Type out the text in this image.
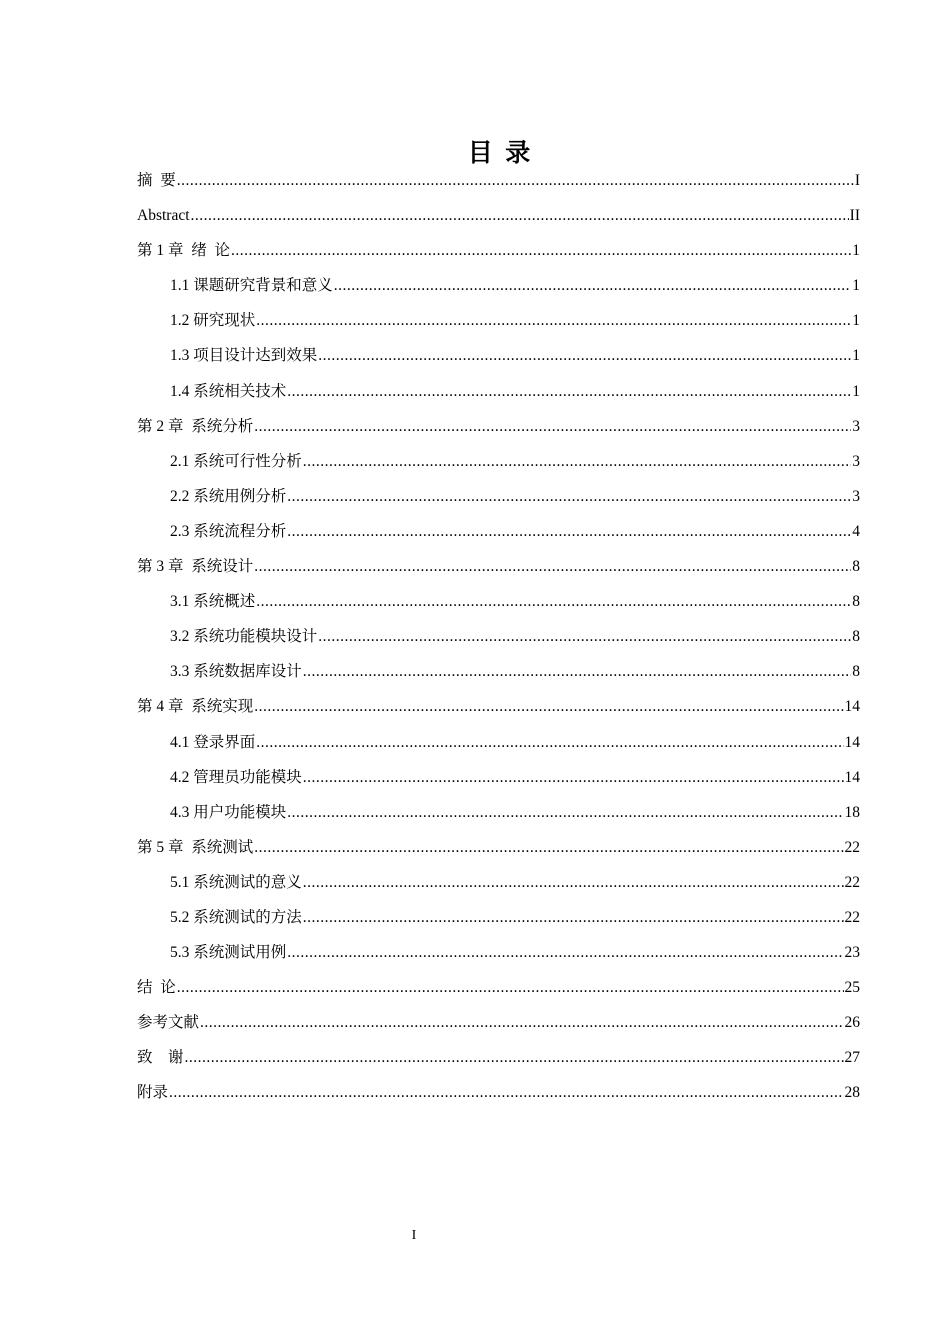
目  录
摘  要 .....	I
Abstract .....	II
第 1 章  绪  论 .....	1
1.1 课题研究背景和意义 .....	1
1.2 研究现状 .....	1
1.3 项目设计达到效果 .....	1
1.4 系统相关技术 .....	1
第 2 章  系统分析 .....	3
2.1 系统可行性分析 .....	3
2.2 系统用例分析 .....	3
2.3 系统流程分析 .....	4
第 3 章  系统设计 .....	8
3.1 系统概述 .....	8
3.2 系统功能模块设计 .....	8
3.3 系统数据库设计 .....	8
第 4 章  系统实现 .....	14
4.1 登录界面 .....	14
4.2 管理员功能模块 .....	14
4.3 用户功能模块 .....	18
第 5 章  系统测试 .....	22
5.1 系统测试的意义 .....	22
5.2 系统测试的方法 .....	22
5.3 系统测试用例 .....	23
结  论 .....	25
参考文献 .....	26
致    谢 .....	27
附录 .....	28
I
